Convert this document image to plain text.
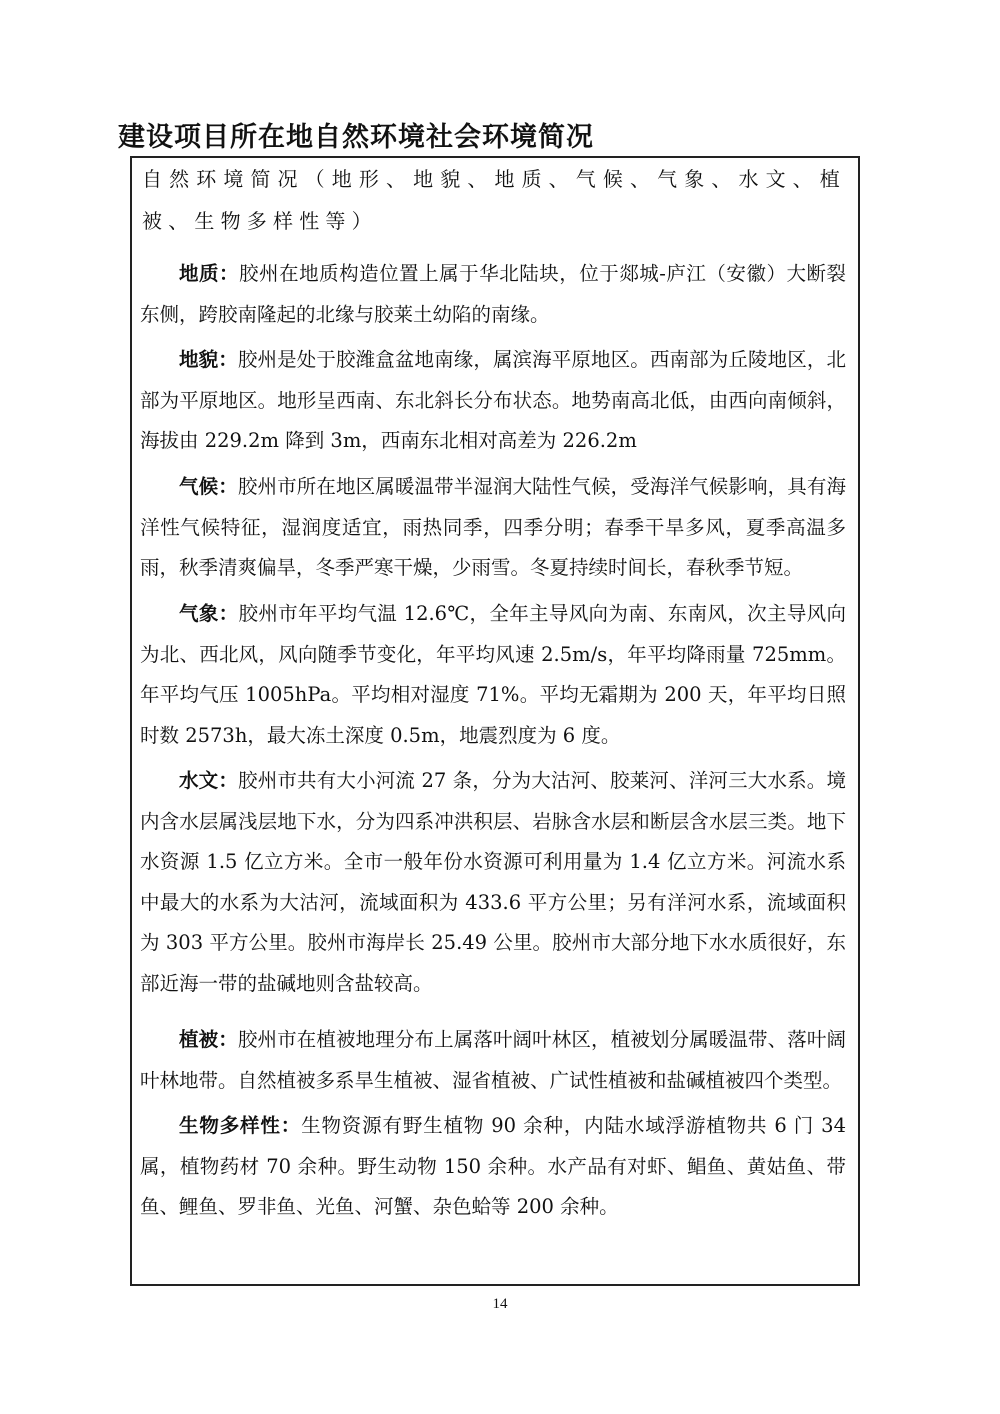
建设项目所在地自然环境社会环境简况
自然环境简况（地形、地貌、地质、气候、气象、水文、植被、生物多样性等）
地质：胶州在地质构造位置上属于华北陆块，位于郯城-庐江（安徽）大断裂东侧，跨胶南隆起的北缘与胶莱土幼陷的南缘。
地貌：胶州是处于胶潍盒盆地南缘，属滨海平原地区。西南部为丘陵地区，北部为平原地区。地形呈西南、东北斜长分布状态。地势南高北低，由西向南倾斜，海拔由 229.2m 降到 3m，西南东北相对高差为 226.2m
气候：胶州市所在地区属暖温带半湿润大陆性气候，受海洋气候影响，具有海洋性气候特征，湿润度适宜，雨热同季，四季分明；春季干旱多风，夏季高温多雨，秋季清爽偏旱，冬季严寒干燥，少雨雪。冬夏持续时间长，春秋季节短。
气象：胶州市年平均气温 12.6℃，全年主导风向为南、东南风，次主导风向为北、西北风，风向随季节变化，年平均风速 2.5m/s，年平均降雨量 725mm。年平均气压 1005hPa。平均相对湿度 71%。平均无霜期为 200 天，年平均日照时数 2573h，最大冻土深度 0.5m，地震烈度为 6 度。
水文：胶州市共有大小河流 27 条，分为大沽河、胶莱河、洋河三大水系。境内含水层属浅层地下水，分为四系冲洪积层、岩脉含水层和断层含水层三类。地下水资源 1.5 亿立方米。全市一般年份水资源可利用量为 1.4 亿立方米。河流水系中最大的水系为大沽河，流域面积为 433.6 平方公里；另有洋河水系，流域面积为 303 平方公里。胶州市海岸长 25.49 公里。胶州市大部分地下水水质很好，东部近海一带的盐碱地则含盐较高。
植被：胶州市在植被地理分布上属落叶阔叶林区，植被划分属暖温带、落叶阔叶林地带。自然植被多系旱生植被、湿省植被、广试性植被和盐碱植被四个类型。
生物多样性：生物资源有野生植物 90 余种，内陆水域浮游植物共 6 门 34 属，植物药材 70 余种。野生动物 150 余种。水产品有对虾、鲳鱼、黄姑鱼、带鱼、鲤鱼、罗非鱼、光鱼、河蟹、杂色蛤等 200 余种。
14
